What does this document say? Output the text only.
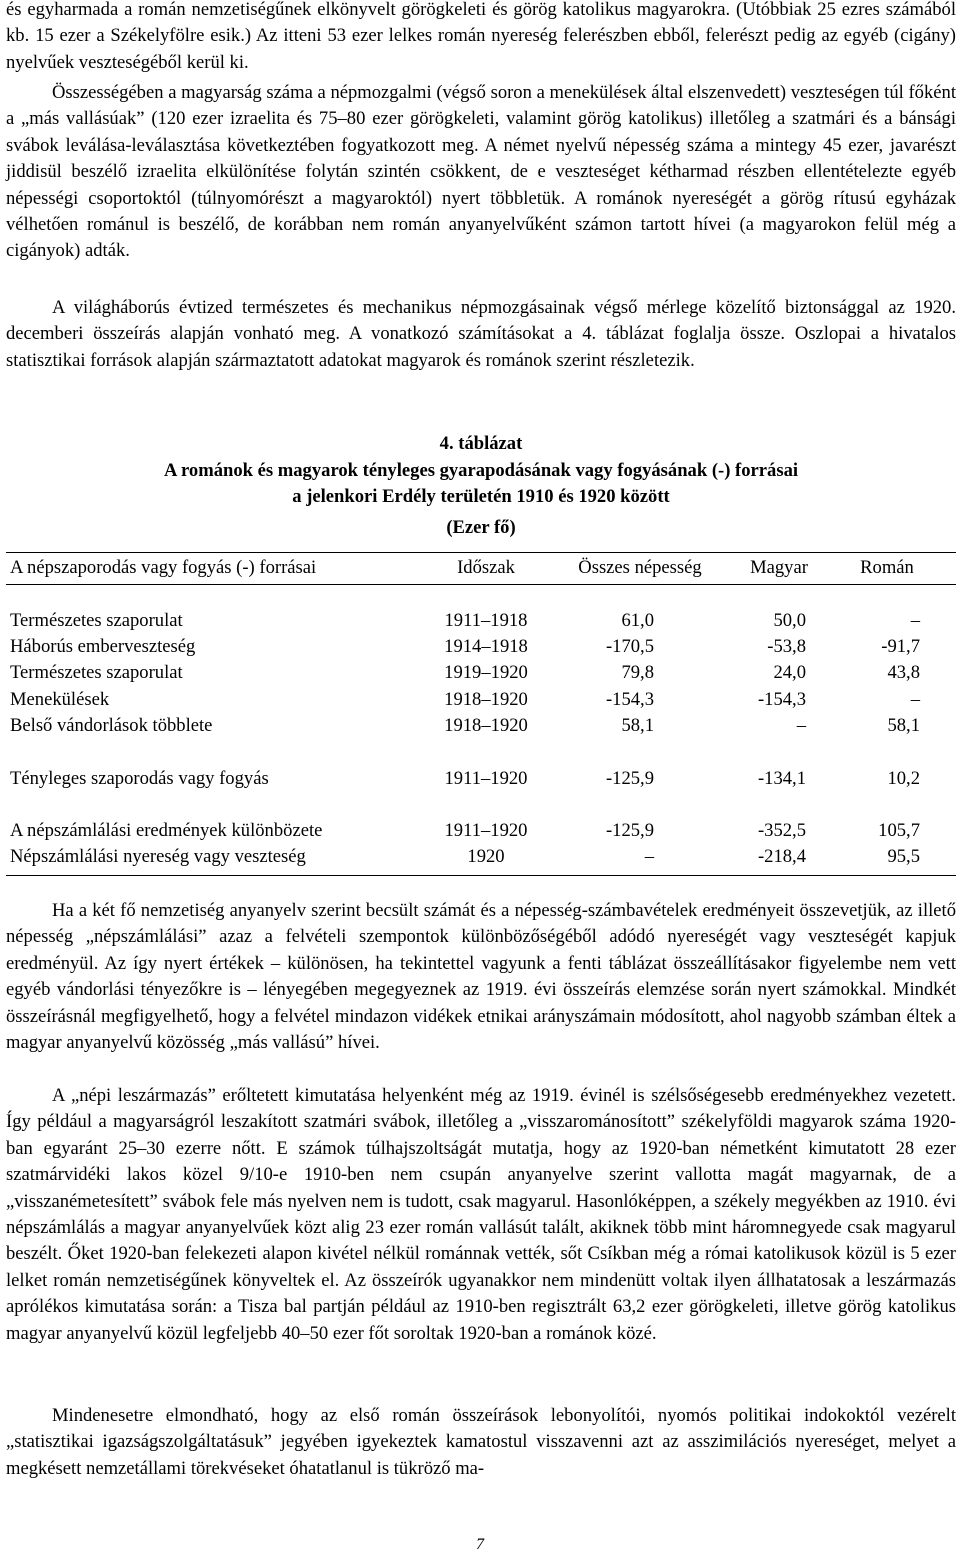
és egyharmada a román nemzetiségűnek elkönyvelt görögkeleti és görög katolikus magyarokra. (Utóbbiak 25 ezres számából kb. 15 ezer a Székelyfölre esik.) Az itteni 53 ezer lelkes román nyereség felerészben ebből, felerészt pedig az egyéb (cigány) nyelvűek veszteségéből kerül ki.

Összességében a magyarság száma a népmozgalmi (végső soron a menekülések által elszenvedett) veszteségen túl főként a „más vallásúak” (120 ezer izraelita és 75–80 ezer görögkeleti, valamint görög katolikus) illetőleg a szatmári és a bánsági svábok leválása-leválasztása következtében fogyatkozott meg. A német nyelvű népesség száma a mintegy 45 ezer, javarészt jiddisül beszélő izraelita elkülönítése folytán szintén csökkent, de e veszteséget kétharmad részben ellentételezte egyéb népességi csoportoktól (túlnyomórészt a magyaroktól) nyert többletük. A románok nyereségét a görög rítusú egyházak vélhetően románul is beszélő, de korábban nem román anyanyelvűként számon tartott hívei (a magyarokon felül még a cigányok) adták.

A világháborús évtized természetes és mechanikus népmozgásainak végső mérlege közelítő biztonsággal az 1920. decemberi összeírás alapján vonható meg. A vonatkozó számításokat a 4. táblázat foglalja össze. Oszlopai a hivatalos statisztikai források alapján származtatott adatokat magyarok és románok szerint részletezik.

4. táblázat
A románok és magyarok tényleges gyarapodásának vagy fogyásának (-) forrásai
a jelenkori Erdély területén 1910 és 1920 között
(Ezer fő)
A népszaporodás vagy fogyás (-) forrásai	Időszak	Összes népesség	Magyar	Román
Természetes szaporulat	1911–1918	61,0	50,0	–
Háborús emberveszteség	1914–1918	-170,5	-53,8	-91,7
Természetes szaporulat	1919–1920	79,8	24,0	43,8
Menekülések	1918–1920	-154,3	-154,3	–
Belső vándorlások többlete	1918–1920	58,1	–	58,1
Tényleges szaporodás vagy fogyás	1911–1920	-125,9	-134,1	10,2
A népszámlálási eredmények különbözete	1911–1920	-125,9	-352,5	105,7
Népszámlálási nyereség vagy veszteség	1920	–	-218,4	95,5

Ha a két fő nemzetiség anyanyelv szerint becsült számát és a népesség-számbavételek eredményeit összevetjük, az illető népesség „népszámlálási” azaz a felvételi szempontok különbözőségéből adódó nyereségét vagy veszteségét kapjuk eredményül. Az így nyert értékek – különösen, ha tekintettel vagyunk a fenti táblázat összeállításakor figyelembe nem vett egyéb vándorlási tényezőkre is – lényegében megegyeznek az 1919. évi összeírás elemzése során nyert számokkal. Mindkét összeírásnál megfigyelhető, hogy a felvétel mindazon vidékek etnikai arányszámain módosított, ahol nagyobb számban éltek a magyar anyanyelvű közösség „más vallású” hívei.

A „népi leszármazás” erőltetett kimutatása helyenként még az 1919. évinél is szélsőségesebb eredményekhez vezetett. Így például a magyarságról leszakított szatmári svábok, illetőleg a „visszarománosított” székelyföldi magyarok száma 1920-ban egyaránt 25–30 ezerre nőtt. E számok túlhajszoltságát mutatja, hogy az 1920-ban németként kimutatott 28 ezer szatmárvidéki lakos közel 9/10-e 1910-ben nem csupán anyanyelve szerint vallotta magát magyarnak, de a „visszanémetesített” svábok fele más nyelven nem is tudott, csak magyarul. Hasonlóképpen, a székely megyékben az 1910. évi népszámlálás a magyar anyanyelvűek közt alig 23 ezer román vallásút talált, akiknek több mint háromnegyede csak magyarul beszélt. Őket 1920-ban felekezeti alapon kivétel nélkül románnak vették, sőt Csíkban még a római katolikusok közül is 5 ezer lelket román nemzetiségűnek könyveltek el. Az összeírók ugyanakkor nem mindenütt voltak ilyen állhatatosak a leszármazás aprólékos kimutatása során: a Tisza bal partján például az 1910-ben regisztrált 63,2 ezer görögkeleti, illetve görög katolikus magyar anyanyelvű közül legfeljebb 40–50 ezer főt soroltak 1920-ban a románok közé.

Mindenesetre elmondható, hogy az első román összeírások lebonyolítói, nyomós politikai indokoktól vezérelt „statisztikai igazságszolgáltatásuk” jegyében igyekeztek kamatostul visszavenni azt az asszimilációs nyereséget, melyet a megkésett nemzetállami törekvéseket óhatatlanul is tükröző ma-

7
